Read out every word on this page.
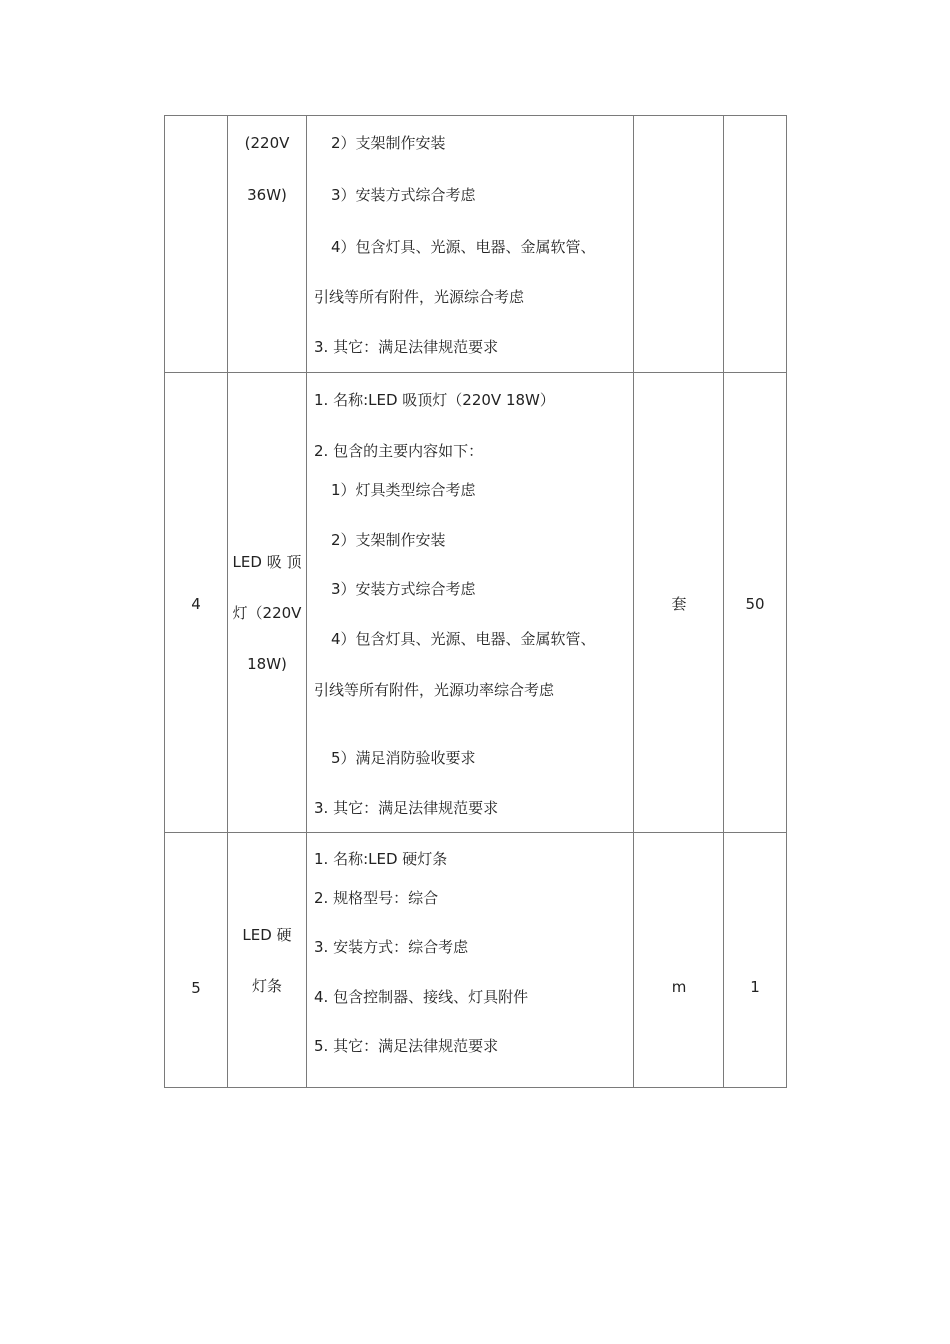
(220V
36W)
2）支架制作安装
3）安装方式综合考虑
4）包含灯具、光源、电器、金属软管、
引线等所有附件，光源综合考虑
3. 其它：满足法律规范要求
4
LED 吸 顶
灯（220V
18W)
1. 名称:LED 吸顶灯（220V 18W）
2. 包含的主要内容如下：
1）灯具类型综合考虑
2）支架制作安装
3）安装方式综合考虑
4）包含灯具、光源、电器、金属软管、
引线等所有附件，光源功率综合考虑
5）满足消防验收要求
3. 其它：满足法律规范要求
套	50
5
LED 硬
灯条
1. 名称:LED 硬灯条
2. 规格型号：综合
3. 安装方式：综合考虑
4. 包含控制器、接线、灯具附件
5. 其它：满足法律规范要求
m	1
